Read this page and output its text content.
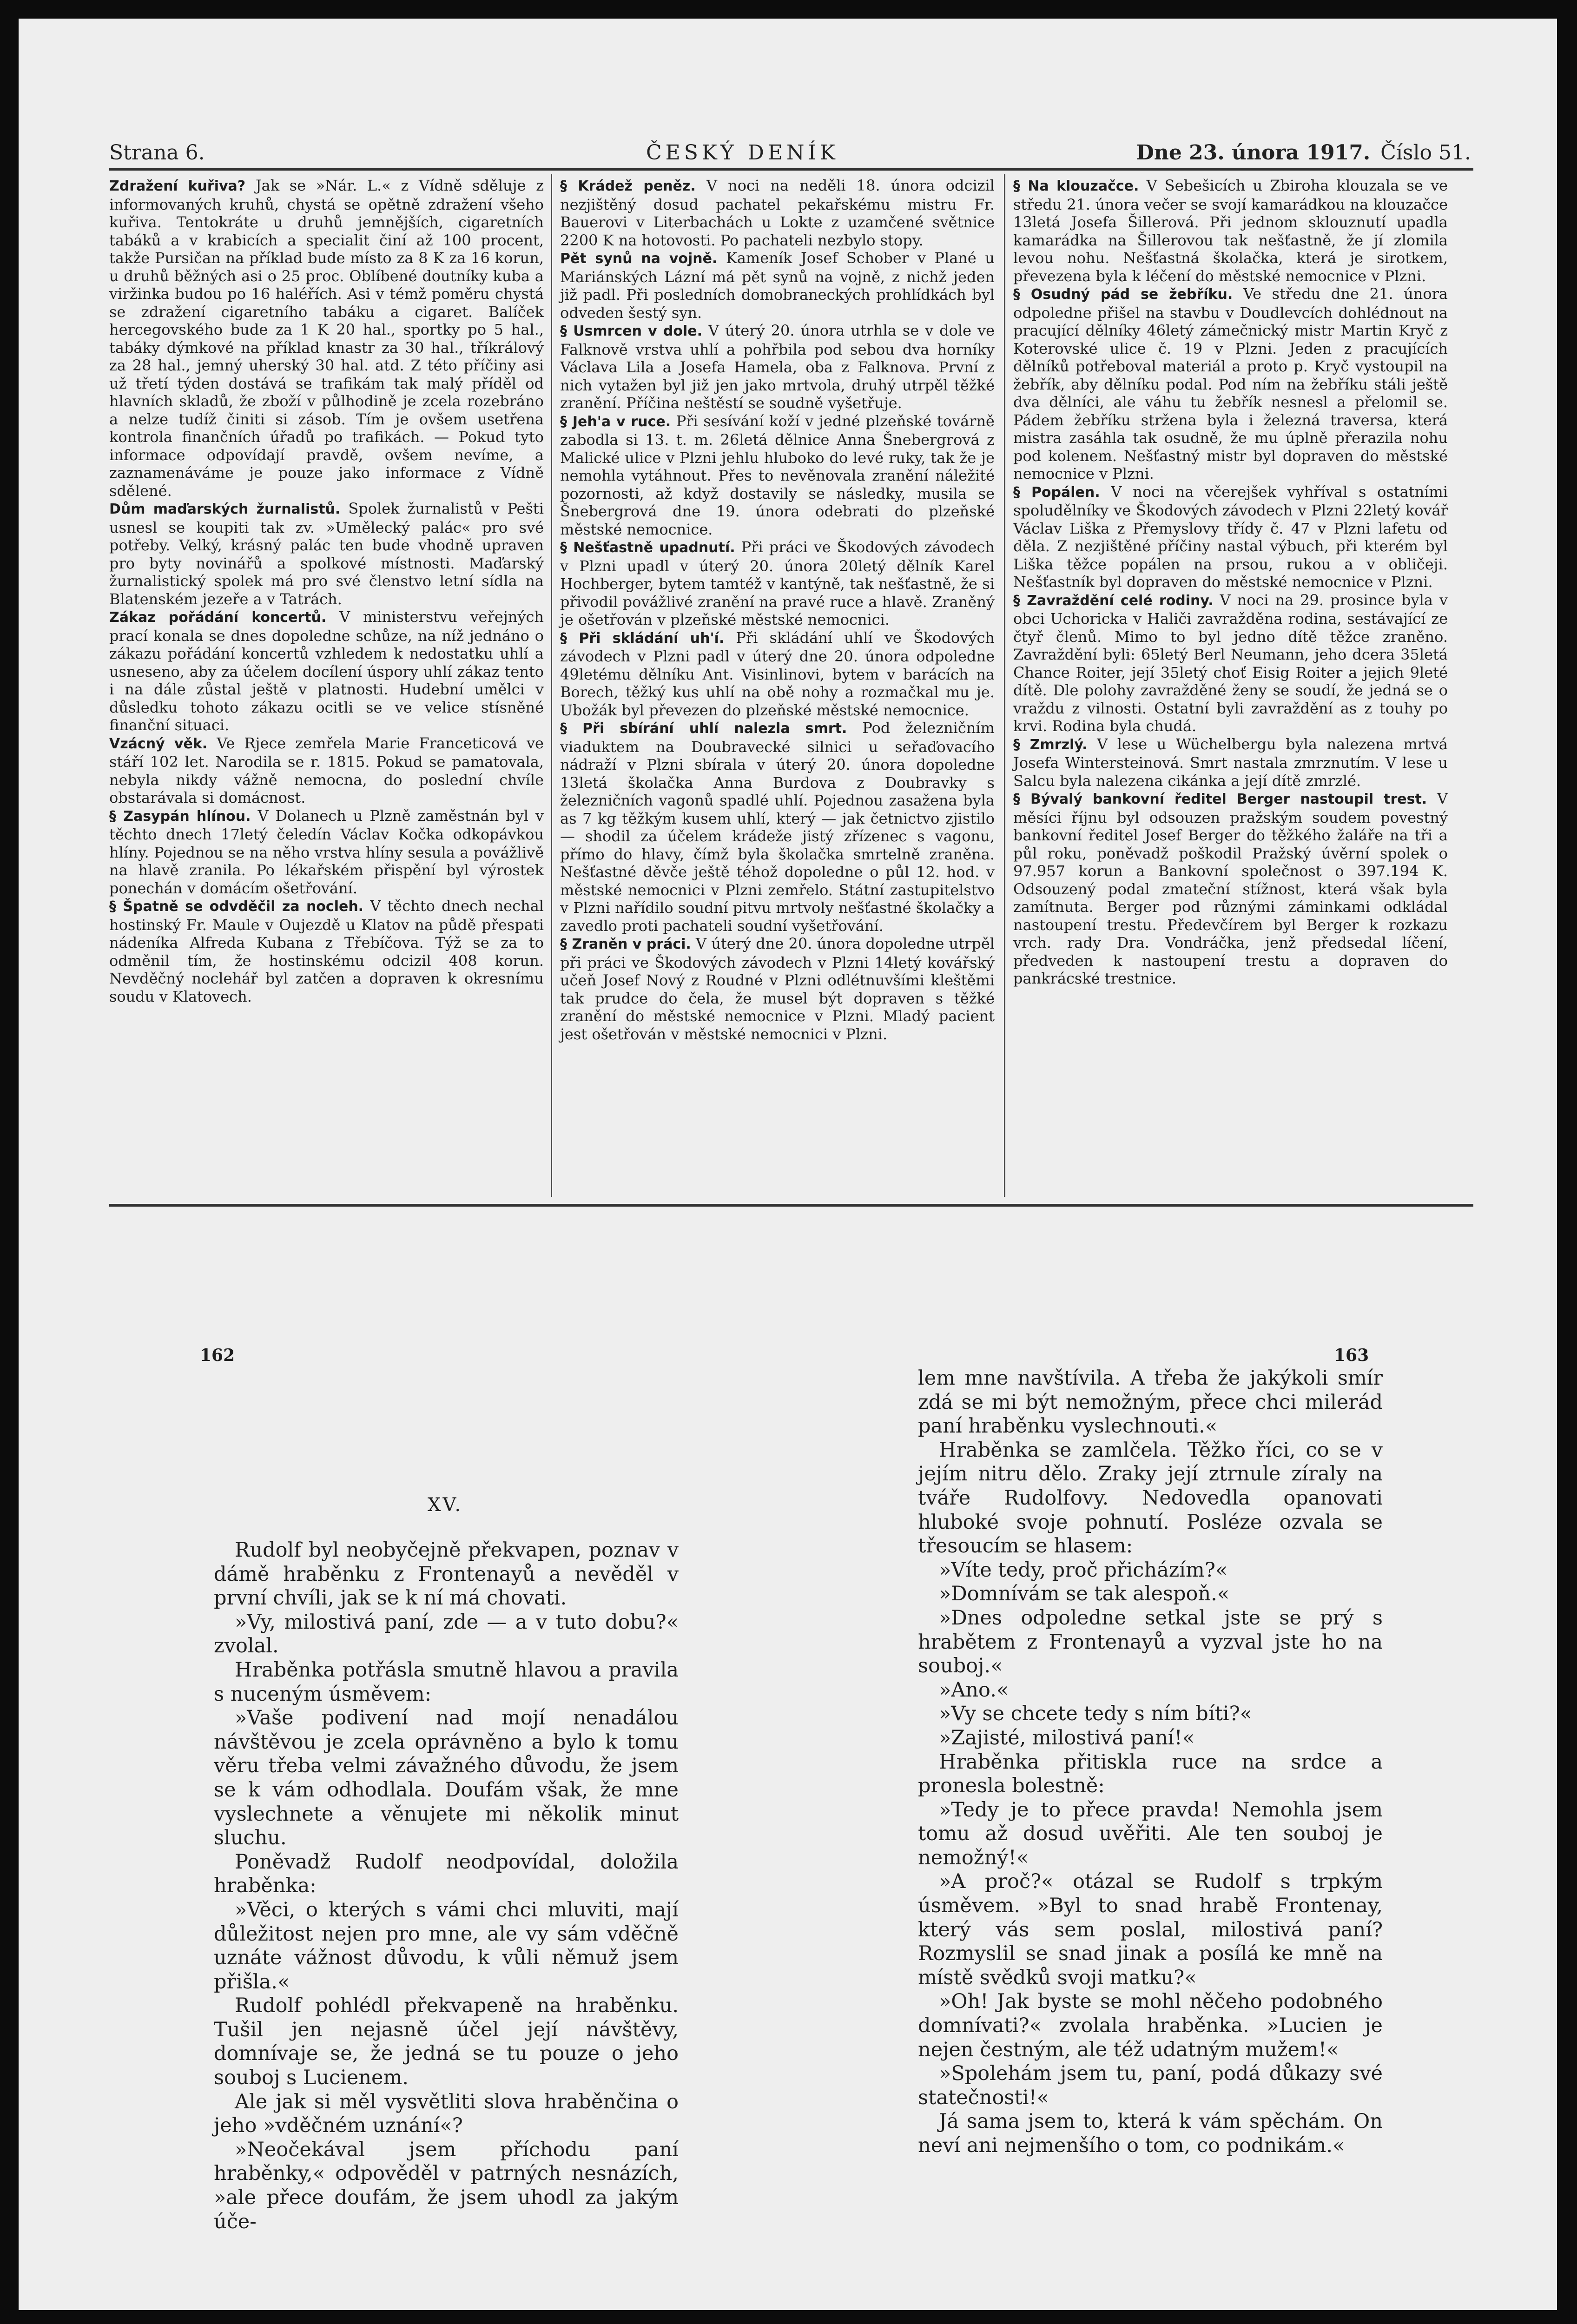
Strana 6.	ČESKÝ DENÍK	Dne 23. února 1917. Číslo 51.

Zdražení kuřiva? Jak se »Nár. L.« z Vídně sděluje z informovaných kruhů, chystá se opětně zdražení všeho kuřiva. Tentokráte u druhů jemnějších, cigaretních tabáků a v krabicích a specialit činí až 100 procent, takže Pursičan na příklad bude místo za 8 K za 16 korun, u druhů běžných asi o 25 proc. Oblíbené doutníky kuba a viržinka budou po 16 haléřích. Asi v témž poměru chystá se zdražení cigaretního tabáku a cigaret. Balíček hercegovského bude za 1 K 20 hal., sportky po 5 hal., tabáky dýmkové na příklad knastr za 30 hal., tříkrálový za 28 hal., jemný uherský 30 hal. atd. Z této příčiny asi už třetí týden dostává se trafikám tak malý příděl od hlavních skladů, že zboží v půlhodině je zcela rozebráno a nelze tudíž činiti si zásob. Tím je ovšem usetřena kontrola finančních úřadů po trafikách. — Pokud tyto informace odpovídají pravdě, ovšem nevíme, a zaznamenáváme je pouze jako informace z Vídně sdělené.

Dům maďarských žurnalistů. Spolek žurnalistů v Pešti usnesl se koupiti tak zv. »Umělecký palác« pro své potřeby. Velký, krásný palác ten bude vhodně upraven pro byty novinářů a spolkové místnosti. Maďarský žurnalistický spolek má pro své členstvo letní sídla na Blatenském jezeře a v Tatrách.

Zákaz pořádání koncertů. V ministerstvu veřejných prací konala se dnes dopoledne schůze, na níž jednáno o zákazu pořádání koncertů vzhledem k nedostatku uhlí a usneseno, aby za účelem docílení úspory uhlí zákaz tento i na dále zůstal ještě v platnosti. Hudební umělci v důsledku tohoto zákazu ocitli se ve velice stísněné finanční situaci.

Vzácný věk. Ve Rjece zemřela Marie Franceticová ve stáří 102 let. Narodila se r. 1815. Pokud se pamatovala, nebyla nikdy vážně nemocna, do poslední chvíle obstarávala si domácnost.

§ Zasypán hlínou. V Dolanech u Plzně zaměstnán byl v těchto dnech 17letý čeledín Václav Kočka odkopávkou hlíny. Pojednou se na něho vrstva hlíny sesula a povážlivě na hlavě zranila. Po lékařském přispění byl výrostek ponechán v domácím ošetřování.

§ Špatně se odvděčil za nocleh. V těchto dnech nechal hostinský Fr. Maule v Oujezdě u Klatov na půdě přespati nádeníka Alfreda Kubana z Třebíčova. Týž se za to odměnil tím, že hostinskému odcizil 408 korun. Nevděčný noclehář byl zatčen a dopraven k okresnímu soudu v Klatovech.

§ Krádež peněz. V noci na neděli 18. února odcizil nezjištěný dosud pachatel pekařskému mistru Fr. Bauerovi v Literbachách u Lokte z uzamčené světnice 2200 K na hotovosti. Po pachateli nezbylo stopy.

Pět synů na vojně. Kameník Josef Schober v Plané u Mariánských Lázní má pět synů na vojně, z nichž jeden již padl. Při posledních domobraneckých prohlídkách byl odveden šestý syn.

§ Usmrcen v dole. V úterý 20. února utrhla se v dole ve Falknově vrstva uhlí a pohřbila pod sebou dva horníky Václava Lila a Josefa Hamela, oba z Falknova. První z nich vytažen byl již jen jako mrtvola, druhý utrpěl těžké zranění. Příčina neštěstí se soudně vyšetřuje.

§ Jeh'a v ruce. Při sesívání koží v jedné plzeňské továrně zabodla si 13. t. m. 26letá dělnice Anna Šnebergrová z Malické ulice v Plzni jehlu hluboko do levé ruky, tak že je nemohla vytáhnout. Přes to nevěnovala zranění náležité pozornosti, až když dostavily se následky, musila se Šnebergrová dne 19. února odebrati do plzeňské městské nemocnice.

§ Nešťastně upadnutí. Při práci ve Škodových závodech v Plzni upadl v úterý 20. února 20letý dělník Karel Hochberger, bytem tamtéž v kantýně, tak nešťastně, že si přivodil povážlivé zranění na pravé ruce a hlavě. Zraněný je ošetřován v plzeňské městské nemocnici.

§ Při skládání uh'í. Při skládání uhlí ve Škodových závodech v Plzni padl v úterý dne 20. února odpoledne 49letému dělníku Ant. Visinlinovi, bytem v barácích na Borech, těžký kus uhlí na obě nohy a rozmačkal mu je. Ubožák byl převezen do plzeňské městské nemocnice.

§ Při sbírání uhlí nalezla smrt. Pod železničním viaduktem na Doubravecké silnici u seřaďovacího nádraží v Plzni sbírala v úterý 20. února dopoledne 13letá školačka Anna Burdova z Doubravky s železničních vagonů spadlé uhlí. Pojednou zasažena byla as 7 kg těžkým kusem uhlí, který — jak četnictvo zjistilo — shodil za účelem krádeže jistý zřízenec s vagonu, přímo do hlavy, čímž byla školačka smrtelně zraněna. Nešťastné děvče ještě téhož dopoledne o půl 12. hod. v městské nemocnici v Plzni zemřelo. Státní zastupitelstvo v Plzni nařídilo soudní pitvu mrtvoly nešťastné školačky a zavedlo proti pachateli soudní vyšetřování.

§ Zraněn v práci. V úterý dne 20. února dopoledne utrpěl při práci ve Škodových závodech v Plzni 14letý kovářský učeň Josef Nový z Roudné v Plzni odlétnuvšími kleštěmi tak prudce do čela, že musel být dopraven s těžké zranění do městské nemocnice v Plzni. Mladý pacient jest ošetřován v městské nemocnici v Plzni.

§ Na klouzačce. V Sebešicích u Zbiroha klouzala se ve středu 21. února večer se svojí kamarádkou na klouzačce 13letá Josefa Šillerová. Při jednom sklouznutí upadla kamarádka na Šillerovou tak nešťastně, že jí zlomila levou nohu. Nešťastná školačka, která je sirotkem, převezena byla k léčení do městské nemocnice v Plzni.

§ Osudný pád se žebříku. Ve středu dne 21. února odpoledne přišel na stavbu v Doudlevcích dohlédnout na pracující dělníky 46letý zámečnický mistr Martin Kryč z Koterovské ulice č. 19 v Plzni. Jeden z pracujících dělníků potřeboval materiál a proto p. Kryč vystoupil na žebřík, aby dělníku podal. Pod ním na žebříku stáli ještě dva dělníci, ale váhu tu žebřík nesnesl a přelomil se. Pádem žebříku stržena byla i železná traversa, která mistra zasáhla tak osudně, že mu úplně přerazila nohu pod kolenem. Nešťastný mistr byl dopraven do městské nemocnice v Plzni.

§ Popálen. V noci na včerejšek vyhříval s ostatními spoludělníky ve Škodových závodech v Plzni 22letý kovář Václav Liška z Přemyslovy třídy č. 47 v Plzni lafetu od děla. Z nezjištěné příčiny nastal výbuch, při kterém byl Liška těžce popálen na prsou, rukou a v obličeji. Nešťastník byl dopraven do městské nemocnice v Plzni.

§ Zavraždění celé rodiny. V noci na 29. prosince byla v obci Uchoricka v Haliči zavražděna rodina, sestávající ze čtyř členů. Mimo to byl jedno dítě těžce zraněno. Zavraždění byli: 65letý Berl Neumann, jeho dcera 35letá Chance Roiter, její 35letý choť Eisig Roiter a jejich 9leté dítě. Dle polohy zavražděné ženy se soudí, že jedná se o vraždu z vilnosti. Ostatní byli zavraždění as z touhy po krvi. Rodina byla chudá.

§ Zmrzlý. V lese u Wüchelbergu byla nalezena mrtvá Josefa Wintersteinová. Smrt nastala zmrznutím. V lese u Salcu byla nalezena cikánka a její dítě zmrzlé.

§ Bývalý bankovní ředitel Berger nastoupil trest. V měsíci říjnu byl odsouzen pražským soudem povestný bankovní ředitel Josef Berger do těžkého žaláře na tři a půl roku, poněvadž poškodil Pražský úvěrní spolek o 97.957 korun a Bankovní společnost o 397.194 K. Odsouzený podal zmateční stížnost, která však byla zamítnuta. Berger pod různými záminkami odkládal nastoupení trestu. Předevčírem byl Berger k rozkazu vrch. rady Dra. Vondráčka, jenž předsedal líčení, předveden k nastoupení trestu a dopraven do pankrácské trestnice.

162	163
XV.

Rudolf byl neobyčejně překvapen, poznav v dámě hraběnku z Frontenayů a nevěděl v první chvíli, jak se k ní má chovati.

»Vy, milostivá paní, zde — a v tuto dobu?« zvolal.

Hraběnka potřásla smutně hlavou a pravila s nuceným úsměvem:

»Vaše podivení nad mojí nenadálou návštěvou je zcela oprávněno a bylo k tomu věru třeba velmi závažného důvodu, že jsem se k vám odhodlala. Doufám však, že mne vyslechnete a věnujete mi několik minut sluchu.

Poněvadž Rudolf neodpovídal, doložila hraběnka:

»Věci, o kterých s vámi chci mluviti, mají důležitost nejen pro mne, ale vy sám vděčně uznáte vážnost důvodu, k vůli němuž jsem přišla.«

Rudolf pohlédl překvapeně na hraběnku. Tušil jen nejasně účel její návštěvy, domnívaje se, že jedná se tu pouze o jeho souboj s Lucienem.

Ale jak si měl vysvětliti slova hraběnčina o jeho »vděčném uznání«?

»Neočekával jsem příchodu paní hraběnky,« odpověděl v patrných nesnázích, »ale přece doufám, že jsem uhodl za jakým úče-

lem mne navštívila. A třeba že jakýkoli smír zdá se mi být nemožným, přece chci milerád paní hraběnku vyslechnouti.«

Hraběnka se zamlčela. Těžko říci, co se v jejím nitru dělo. Zraky její ztrnule zíraly na tváře Rudolfovy. Nedovedla opanovati hluboké svoje pohnutí. Posléze ozvala se třesoucím se hlasem:

»Víte tedy, proč přicházím?«

»Domnívám se tak alespoň.«

»Dnes odpoledne setkal jste se prý s hrabětem z Frontenayů a vyzval jste ho na souboj.«

»Ano.«

»Vy se chcete tedy s ním bíti?«

»Zajisté, milostivá paní!«

Hraběnka přitiskla ruce na srdce a pronesla bolestně:

»Tedy je to přece pravda! Nemohla jsem tomu až dosud uvěřiti. Ale ten souboj je nemožný!«

»A proč?« otázal se Rudolf s trpkým úsměvem. »Byl to snad hrabě Frontenay, který vás sem poslal, milostivá paní? Rozmyslil se snad jinak a posílá ke mně na místě svědků svoji matku?«

»Oh! Jak byste se mohl něčeho podobného domnívati?« zvolala hraběnka. »Lucien je nejen čestným, ale též udatným mužem!«

»Spolehám jsem tu, paní, podá důkazy své statečnosti!«

Já sama jsem to, která k vám spěchám. On neví ani nejmenšího o tom, co podnikám.«
